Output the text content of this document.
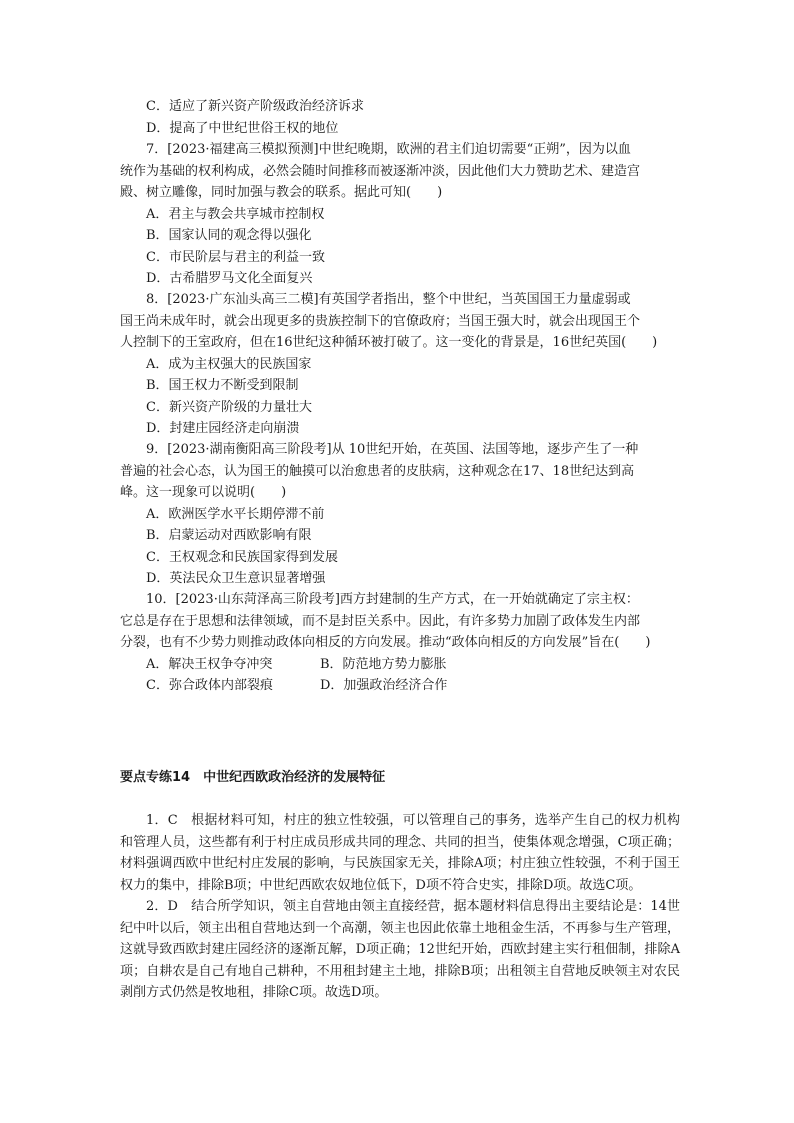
C．适应了新兴资产阶级政治经济诉求
D．提高了中世纪世俗王权的地位
7．[2023·福建高三模拟预测]中世纪晚期，欧洲的君主们迫切需要“正朔”，因为以血
统作为基础的权利构成，必然会随时间推移而被逐渐冲淡，因此他们大力赞助艺术、建造宫
殿、树立雕像，同时加强与教会的联系。据此可知(　　)
A．君主与教会共享城市控制权
B．国家认同的观念得以强化
C．市民阶层与君主的利益一致
D．古希腊罗马文化全面复兴
8．[2023·广东汕头高三二模]有英国学者指出，整个中世纪，当英国国王力量虚弱或
国王尚未成年时，就会出现更多的贵族控制下的官僚政府；当国王强大时，就会出现国王个
人控制下的王室政府，但在16世纪这种循环被打破了。这一变化的背景是，16世纪英国(　　)
A．成为主权强大的民族国家
B．国王权力不断受到限制
C．新兴资产阶级的力量壮大
D．封建庄园经济走向崩溃
9．[2023·湖南衡阳高三阶段考]从 10世纪开始，在英国、法国等地，逐步产生了一种
普遍的社会心态，认为国王的触摸可以治愈患者的皮肤病，这种观念在17、18世纪达到高
峰。这一现象可以说明(　　)
A．欧洲医学水平长期停滞不前
B．启蒙运动对西欧影响有限
C．王权观念和民族国家得到发展
D．英法民众卫生意识显著增强
10．[2023·山东菏泽高三阶段考]西方封建制的生产方式，在一开始就确定了宗主权：
它总是存在于思想和法律领域，而不是封臣关系中。因此，有许多势力加剧了政体发生内部
分裂，也有不少势力则推动政体向相反的方向发展。推动“政体向相反的方向发展”旨在(　　)
A．解决王权争夺冲突	B．防范地方势力膨胀
C．弥合政体内部裂痕	D．加强政治经济合作
要点专练14　中世纪西欧政治经济的发展特征

1．C　根据材料可知，村庄的独立性较强，可以管理自己的事务，选举产生自己的权力机构和管理人员，这些都有利于村庄成员形成共同的理念、共同的担当，使集体观念增强，C项正确；材料强调西欧中世纪村庄发展的影响，与民族国家无关，排除A项；村庄独立性较强，不利于国王权力的集中，排除B项；中世纪西欧农奴地位低下，D项不符合史实，排除D项。故选C项。

2．D　结合所学知识，领主自营地由领主直接经营，据本题材料信息得出主要结论是：14世纪中叶以后，领主出租自营地达到一个高潮，领主也因此依靠土地租金生活，不再参与生产管理，这就导致西欧封建庄园经济的逐渐瓦解，D项正确；12世纪开始，西欧封建主实行租佃制，排除A项；自耕农是自己有地自己耕种，不用租封建主土地，排除B项；出租领主自营地反映领主对农民剥削方式仍然是牧地租，排除C项。故选D项。
